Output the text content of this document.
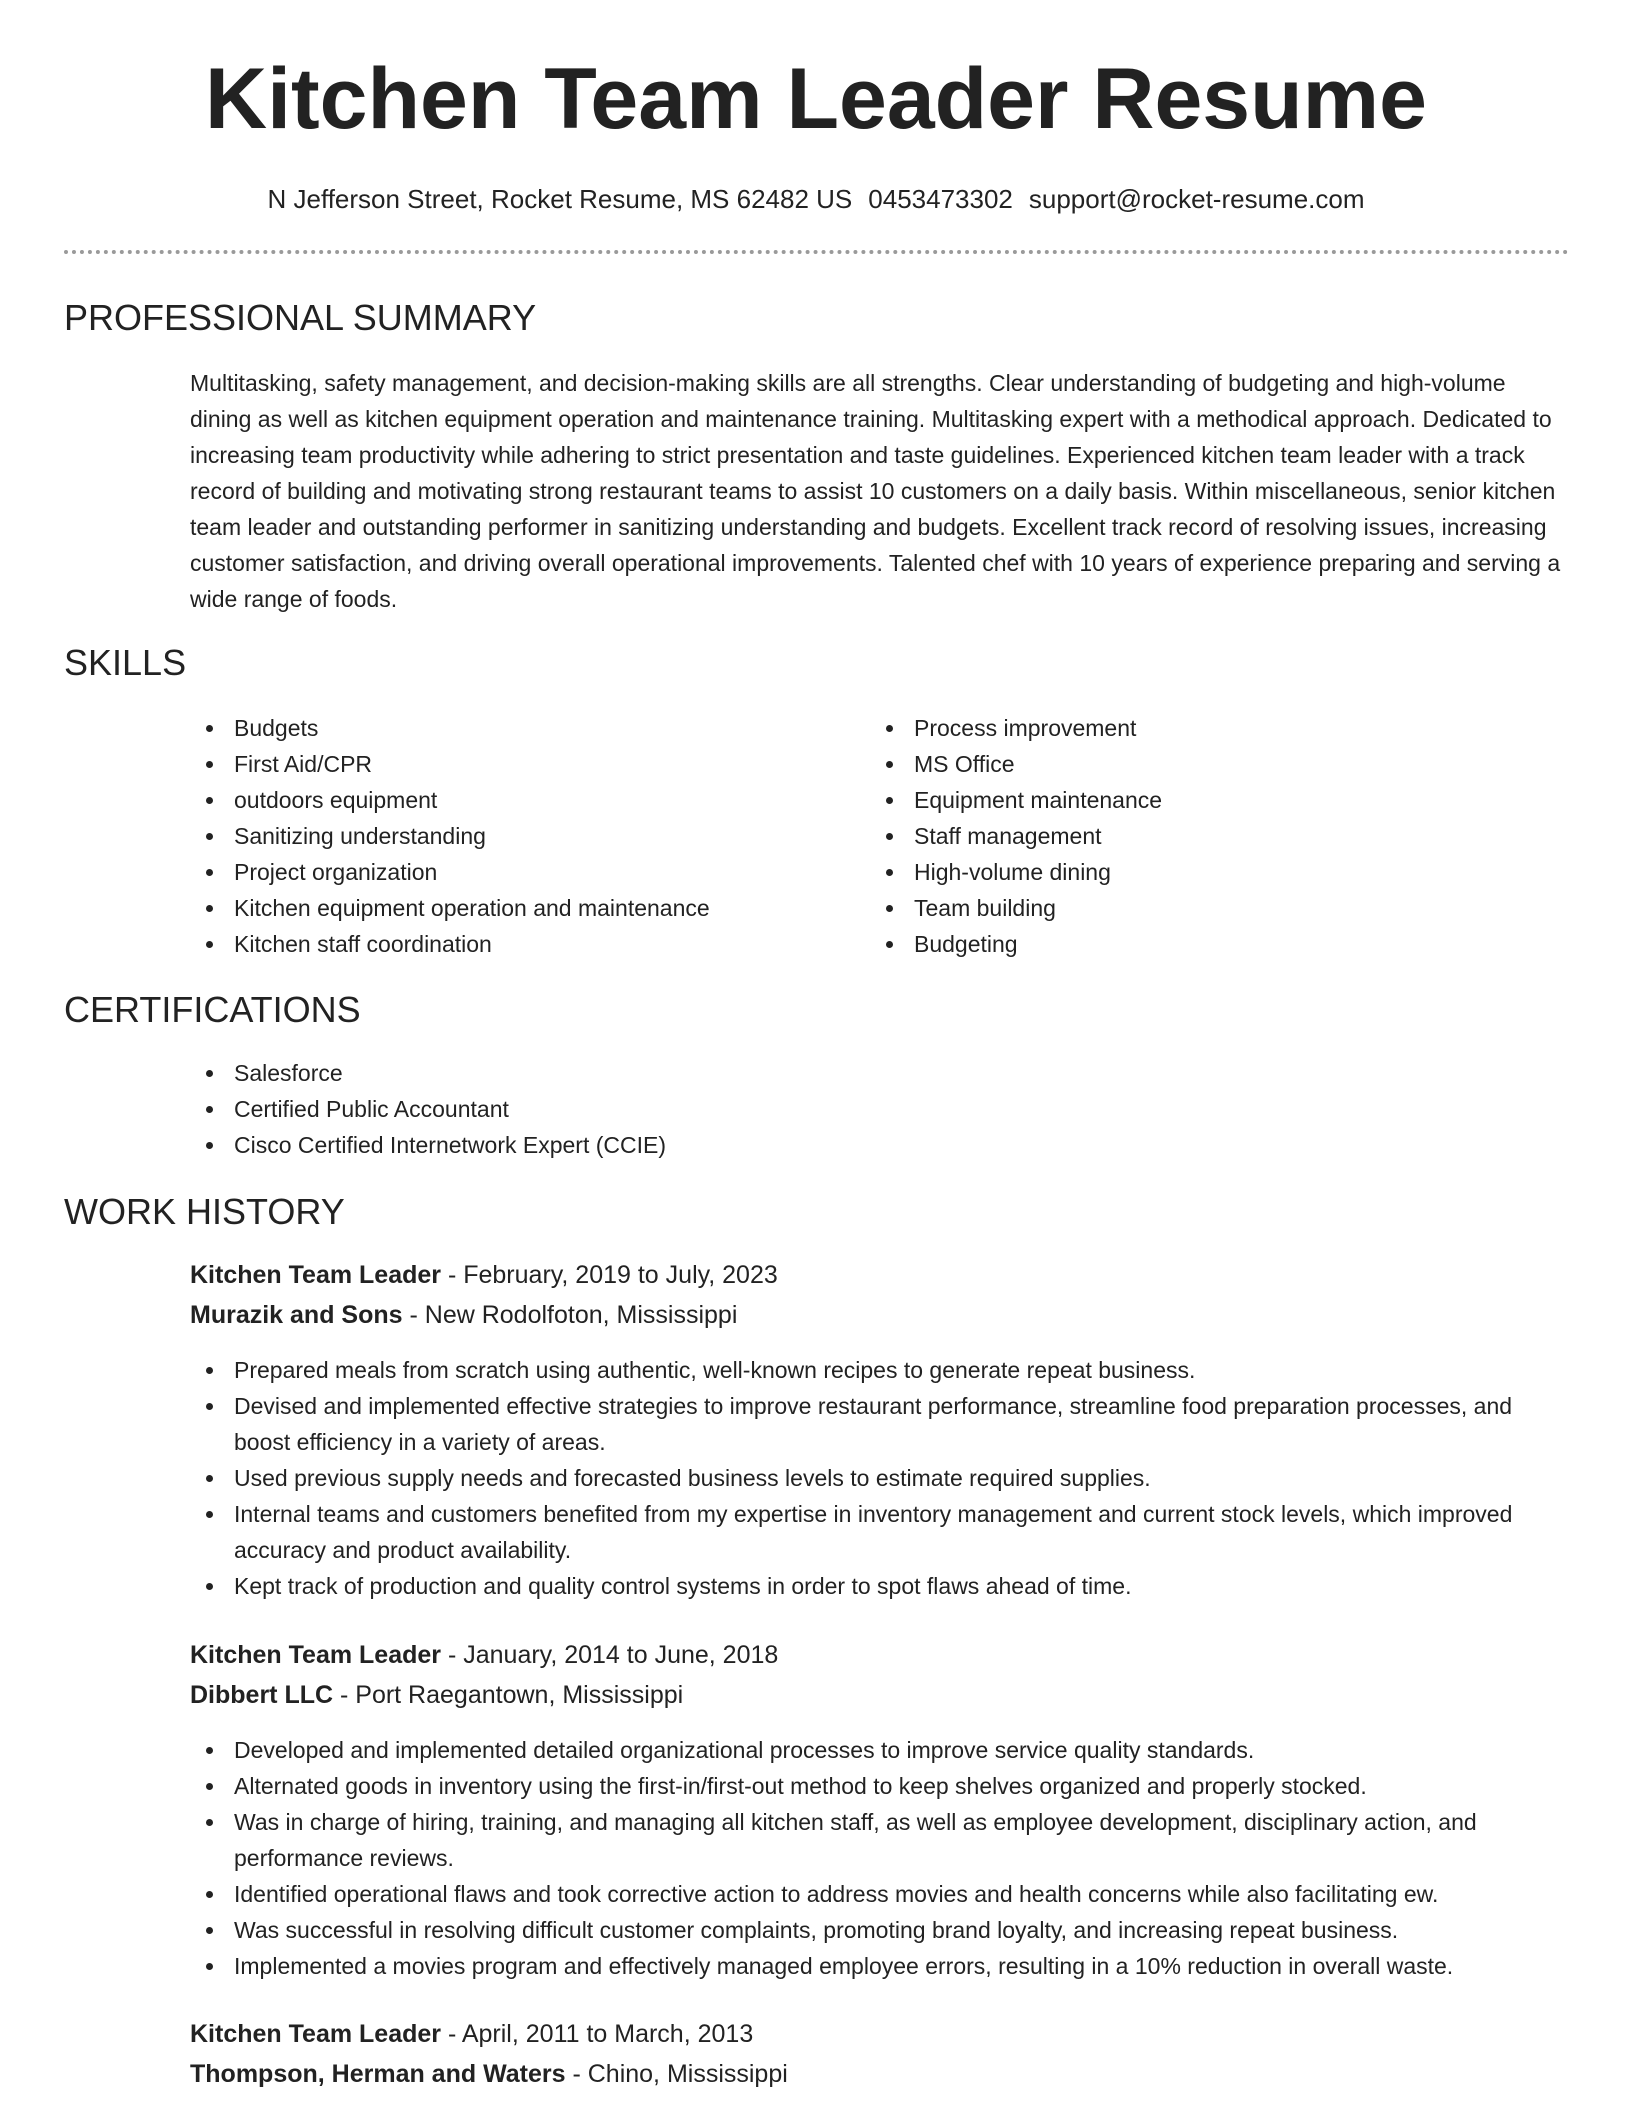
Kitchen Team Leader Resume
N Jefferson Street, Rocket Resume, MS 62482 US 0453473302 support@rocket-resume.com
PROFESSIONAL SUMMARY

Multitasking, safety management, and decision-making skills are all strengths. Clear understanding of budgeting and high-volume dining as well as kitchen equipment operation and maintenance training. Multitasking expert with a methodical approach. Dedicated to increasing team productivity while adhering to strict presentation and taste guidelines. Experienced kitchen team leader with a track record of building and motivating strong restaurant teams to assist 10 customers on a daily basis. Within miscellaneous, senior kitchen team leader and outstanding performer in sanitizing understanding and budgets. Excellent track record of resolving issues, increasing customer satisfaction, and driving overall operational improvements. Talented chef with 10 years of experience preparing and serving a wide range of foods.

SKILLS
Budgets
First Aid/CPR
outdoors equipment
Sanitizing understanding
Project organization
Kitchen equipment operation and maintenance
Kitchen staff coordination
Process improvement
MS Office
Equipment maintenance
Staff management
High-volume dining
Team building
Budgeting
CERTIFICATIONS
Salesforce
Certified Public Accountant
Cisco Certified Internetwork Expert (CCIE)
WORK HISTORY
Kitchen Team Leader - February, 2019 to July, 2023
Murazik and Sons - New Rodolfoton, Mississippi
Prepared meals from scratch using authentic, well-known recipes to generate repeat business.
Devised and implemented effective strategies to improve restaurant performance, streamline food preparation processes, and boost efficiency in a variety of areas.
Used previous supply needs and forecasted business levels to estimate required supplies.
Internal teams and customers benefited from my expertise in inventory management and current stock levels, which improved accuracy and product availability.
Kept track of production and quality control systems in order to spot flaws ahead of time.
Kitchen Team Leader - January, 2014 to June, 2018
Dibbert LLC - Port Raegantown, Mississippi
Developed and implemented detailed organizational processes to improve service quality standards.
Alternated goods in inventory using the first-in/first-out method to keep shelves organized and properly stocked.
Was in charge of hiring, training, and managing all kitchen staff, as well as employee development, disciplinary action, and performance reviews.
Identified operational flaws and took corrective action to address movies and health concerns while also facilitating ew.
Was successful in resolving difficult customer complaints, promoting brand loyalty, and increasing repeat business.
Implemented a movies program and effectively managed employee errors, resulting in a 10% reduction in overall waste.
Kitchen Team Leader - April, 2011 to March, 2013
Thompson, Herman and Waters - Chino, Mississippi
